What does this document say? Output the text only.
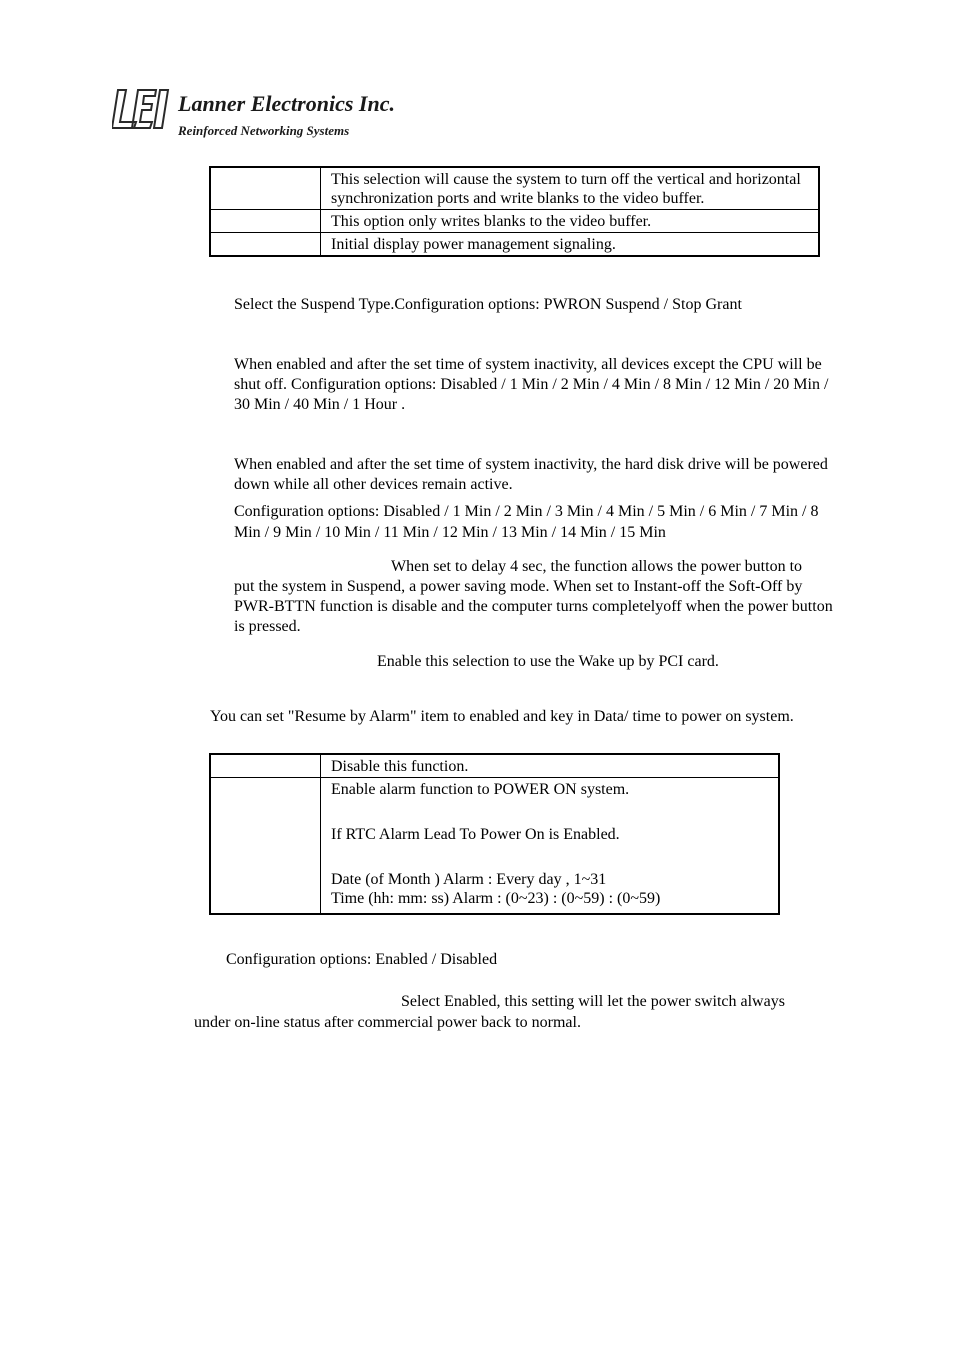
Lanner Electronics Inc.
Reinforced Networking Systems
	This selection will cause the system to turn off the vertical and horizontal synchronization ports and write blanks to the video buffer.
	This option only writes blanks to the video buffer.
	Initial display power management signaling.
Select the Suspend Type.Configuration options: PWRON Suspend / Stop Grant
When enabled and after the set time of system inactivity, all devices except the CPU will be shut off. Configuration options: Disabled / 1 Min / 2 Min / 4 Min / 8 Min / 12 Min / 20 Min / 30 Min / 40 Min / 1 Hour .
When enabled and after the set time of system inactivity, the hard disk drive will be powered down while all other devices remain active.
Configuration options: Disabled / 1 Min / 2 Min / 3 Min / 4 Min / 5 Min / 6 Min / 7 Min / 8 Min / 9 Min / 10 Min / 11 Min / 12 Min / 13 Min / 14 Min / 15 Min
When set to delay 4 sec, the function allows the power button to
put the system in Suspend, a power saving mode. When set to Instant-off the Soft-Off by PWR-BTTN function is disable and the computer turns completelyoff when the power button is pressed.
Enable this selection to use the Wake up by PCI card.
You can set "Resume by Alarm" item to enabled and key in Data/ time to power on system.
	Disable this function.
	Enable alarm function to POWER ON system.
If RTC Alarm Lead To Power On is Enabled.
Date (of Month ) Alarm : Every day , 1~31
Time (hh: mm: ss) Alarm : (0~23) : (0~59) : (0~59)
Configuration options: Enabled / Disabled
Select Enabled, this setting will let the power switch always
under on-line status after commercial power back to normal.
